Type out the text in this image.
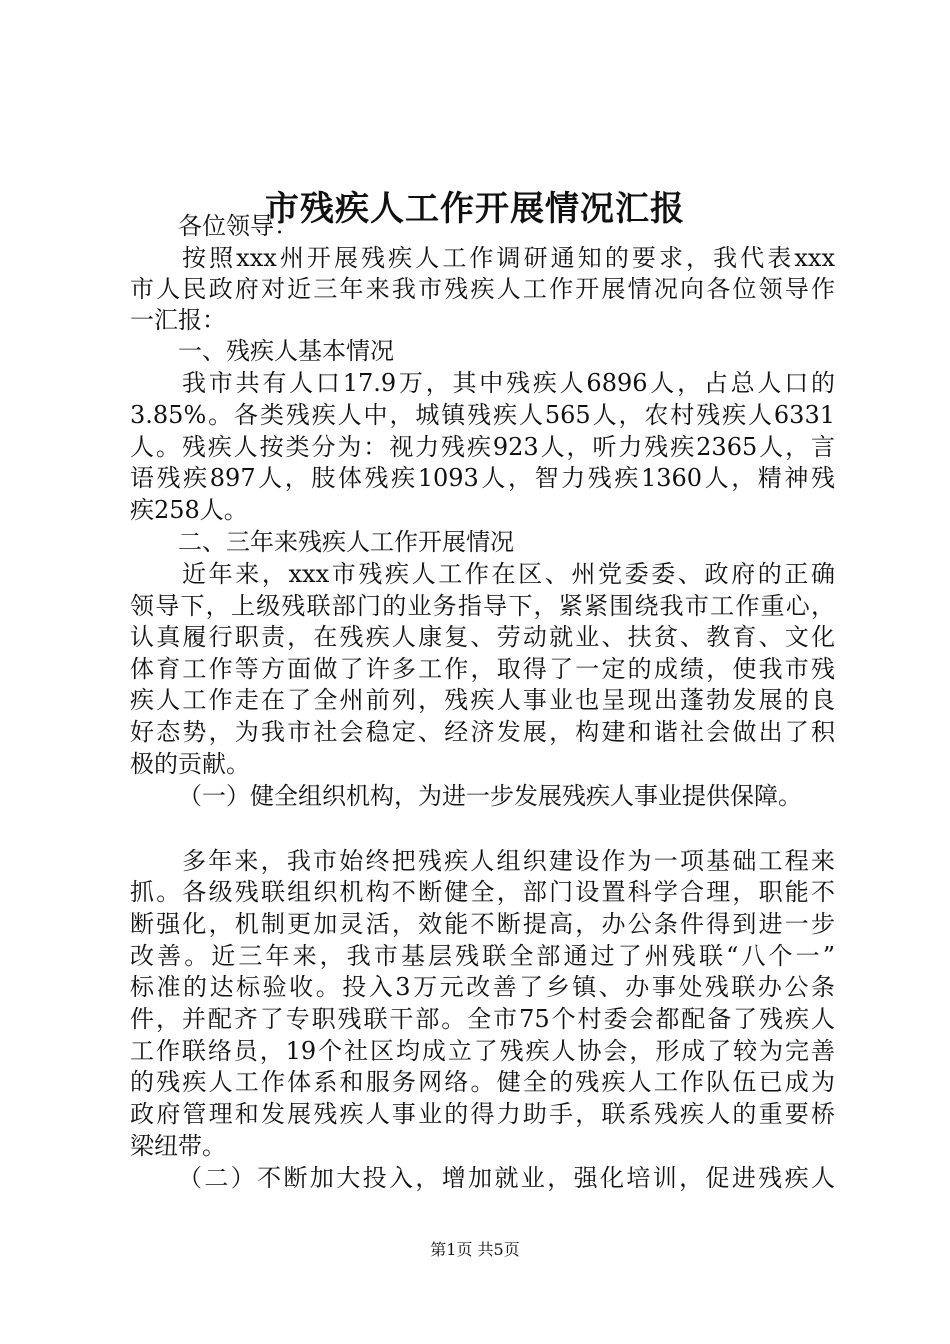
市残疾人工作开展情况汇报
各位领导：
按照xxx州开展残疾人工作调研通知的要求，我代表xxx
市人民政府对近三年来我市残疾人工作开展情况向各位领导作
一汇报：
一、残疾人基本情况
我市共有人口17.9万，其中残疾人6896人，占总人口的
3.85%。各类残疾人中，城镇残疾人565人，农村残疾人6331
人。残疾人按类分为：视力残疾923人，听力残疾2365人，言
语残疾897人，肢体残疾1093人，智力残疾1360人，精神残
疾258人。
二、三年来残疾人工作开展情况
近年来，xxx市残疾人工作在区、州党委委、政府的正确
领导下，上级残联部门的业务指导下，紧紧围绕我市工作重心，
认真履行职责，在残疾人康复、劳动就业、扶贫、教育、文化
体育工作等方面做了许多工作，取得了一定的成绩，使我市残
疾人工作走在了全州前列，残疾人事业也呈现出蓬勃发展的良
好态势，为我市社会稳定、经济发展，构建和谐社会做出了积
极的贡献。
（一）健全组织机构，为进一步发展残疾人事业提供保障。
多年来，我市始终把残疾人组织建设作为一项基础工程来
抓。各级残联组织机构不断健全，部门设置科学合理，职能不
断强化，机制更加灵活，效能不断提高，办公条件得到进一步
改善。近三年来，我市基层残联全部通过了州残联“八个一”
标准的达标验收。投入3万元改善了乡镇、办事处残联办公条
件，并配齐了专职残联干部。全市75个村委会都配备了残疾人
工作联络员，19个社区均成立了残疾人协会，形成了较为完善
的残疾人工作体系和服务网络。健全的残疾人工作队伍已成为
政府管理和发展残疾人事业的得力助手，联系残疾人的重要桥
梁纽带。
（二）不断加大投入，增加就业，强化培训，促进残疾人
第1页 共5页
